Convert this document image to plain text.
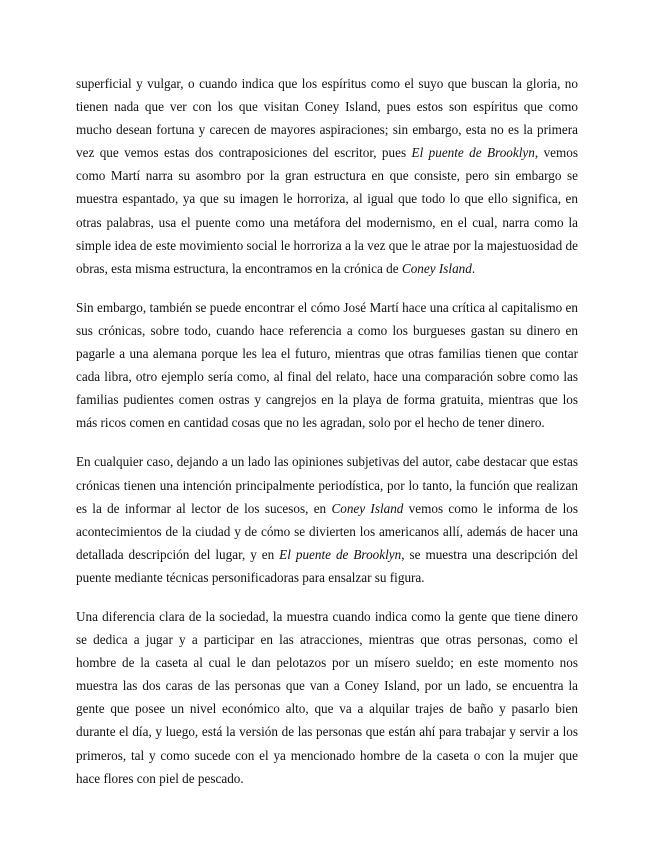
superficial y vulgar, o cuando indica que los espíritus como el suyo que buscan la gloria, no tienen nada que ver con los que visitan Coney Island, pues estos son espíritus que como mucho desean fortuna y carecen de mayores aspiraciones; sin embargo, esta no es la primera vez que vemos estas dos contraposiciones del escritor, pues El puente de Brooklyn, vemos como Martí narra su asombro por la gran estructura en que consiste, pero sin embargo se muestra espantado, ya que su imagen le horroriza, al igual que todo lo que ello significa, en otras palabras, usa el puente como una metáfora del modernismo, en el cual, narra como la simple idea de este movimiento social le horroriza a la vez que le atrae por la majestuosidad de obras, esta misma estructura, la encontramos en la crónica de Coney Island.

Sin embargo, también se puede encontrar el cómo José Martí hace una crítica al capitalismo en sus crónicas, sobre todo, cuando hace referencia a como los burgueses gastan su dinero en pagarle a una alemana porque les lea el futuro, mientras que otras familias tienen que contar cada libra, otro ejemplo sería como, al final del relato, hace una comparación sobre como las familias pudientes comen ostras y cangrejos en la playa de forma gratuita, mientras que los más ricos comen en cantidad cosas que no les agradan, solo por el hecho de tener dinero.

En cualquier caso, dejando a un lado las opiniones subjetivas del autor, cabe destacar que estas crónicas tienen una intención principalmente periodística, por lo tanto, la función que realizan es la de informar al lector de los sucesos, en Coney Island vemos como le informa de los acontecimientos de la ciudad y de cómo se divierten los americanos allí, además de hacer una detallada descripción del lugar, y en El puente de Brooklyn, se muestra una descripción del puente mediante técnicas personificadoras para ensalzar su figura.

Una diferencia clara de la sociedad, la muestra cuando indica como la gente que tiene dinero se dedica a jugar y a participar en las atracciones, mientras que otras personas, como el hombre de la caseta al cual le dan pelotazos por un mísero sueldo; en este momento nos muestra las dos caras de las personas que van a Coney Island, por un lado, se encuentra la gente que posee un nivel económico alto, que va a alquilar trajes de baño y pasarlo bien durante el día, y luego, está la versión de las personas que están ahí para trabajar y servir a los primeros, tal y como sucede con el ya mencionado hombre de la caseta o con la mujer que hace flores con piel de pescado.
